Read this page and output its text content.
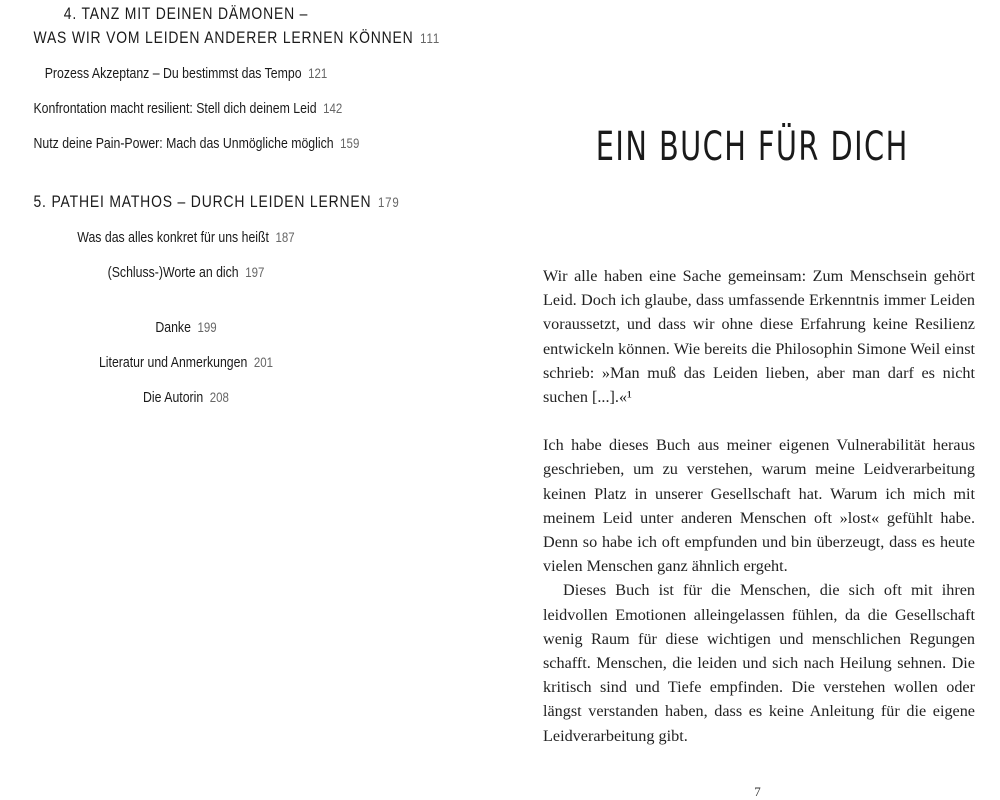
4. TANZ MIT DEINEN DÄMONEN –
WAS WIR VOM LEIDEN ANDERER LERNEN KÖNNEN 111
Prozess Akzeptanz – Du bestimmst das Tempo 121
Konfrontation macht resilient: Stell dich deinem Leid 142
Nutz deine Pain-Power: Mach das Unmögliche möglich 159
5. PATHEI MATHOS – DURCH LEIDEN LERNEN 179
Was das alles konkret für uns heißt 187
(Schluss-)Worte an dich 197
Danke 199
Literatur und Anmerkungen 201
Die Autorin 208
EIN BUCH FÜR DICH

Wir alle haben eine Sache gemeinsam: Zum Menschsein gehört Leid. Doch ich glaube, dass umfassende Erkenntnis immer Leiden voraussetzt, und dass wir ohne diese Erfahrung keine Resilienz entwickeln können. Wie bereits die Philosophin Simone Weil einst schrieb: »Man muß das Leiden lieben, aber man darf es nicht suchen [...].«¹

Ich habe dieses Buch aus meiner eigenen Vulnerabilität heraus geschrieben, um zu verstehen, warum meine Leidverarbeitung keinen Platz in unserer Gesellschaft hat. Warum ich mich mit meinem Leid unter anderen Menschen oft »lost« gefühlt habe. Denn so habe ich oft empfunden und bin überzeugt, dass es heute vielen Menschen ganz ähnlich ergeht.

Dieses Buch ist für die Menschen, die sich oft mit ihren leidvollen Emotionen alleingelassen fühlen, da die Gesellschaft wenig Raum für diese wichtigen und menschlichen Regungen schafft. Menschen, die leiden und sich nach Heilung sehnen. Die kritisch sind und Tiefe empfinden. Die verstehen wollen oder längst verstanden haben, dass es keine Anleitung für die eigene Leidverarbeitung gibt.

7
